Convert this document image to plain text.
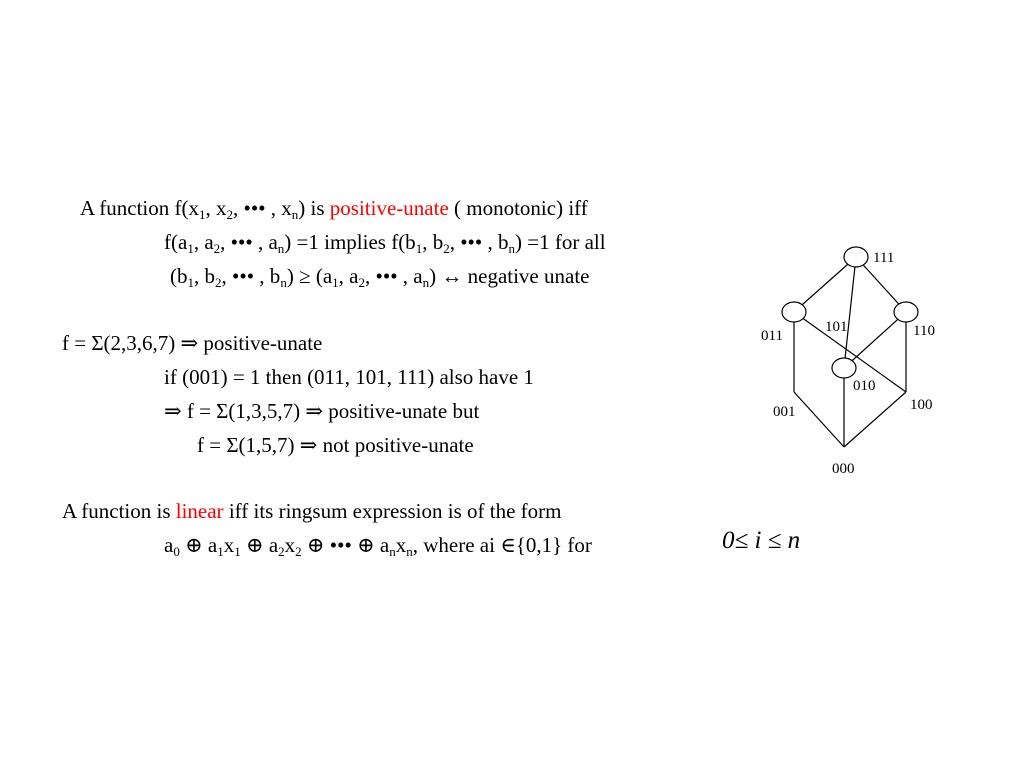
A function $f(x_1$, $x_2$, ••• , $x_n$) is positive-unate ( monotonic) iff
$f(a_1$, $a_2$, ••• , $a_n) =1$ implies $f(b_1$, $b_2$, ••• , $b_n) =1$ for all
($b_1$, $b_2$, ••• , $b_n) \ge (a_1$, $a_2$, ••• , $a_n$) ↔ negative unate
f = Σ(2,3,6,7) ⇒ positive-unate
if (001) = 1 then (011, 101, 111) also have 1
⇒ f = Σ(1,3,5,7) ⇒ positive-unate but
f = Σ(1,5,7) ⇒ not positive-unate
A function is linear iff its ringsum expression is of the form
$a_0$ ⊕ $a_1x_1$ ⊕ $a_2x_2$ ⊕ ••• ⊕ $a_nx_n$, where ai ∈{0,1} for	0≤ i ≤ n
111
011
101	110
010
001	100
000
